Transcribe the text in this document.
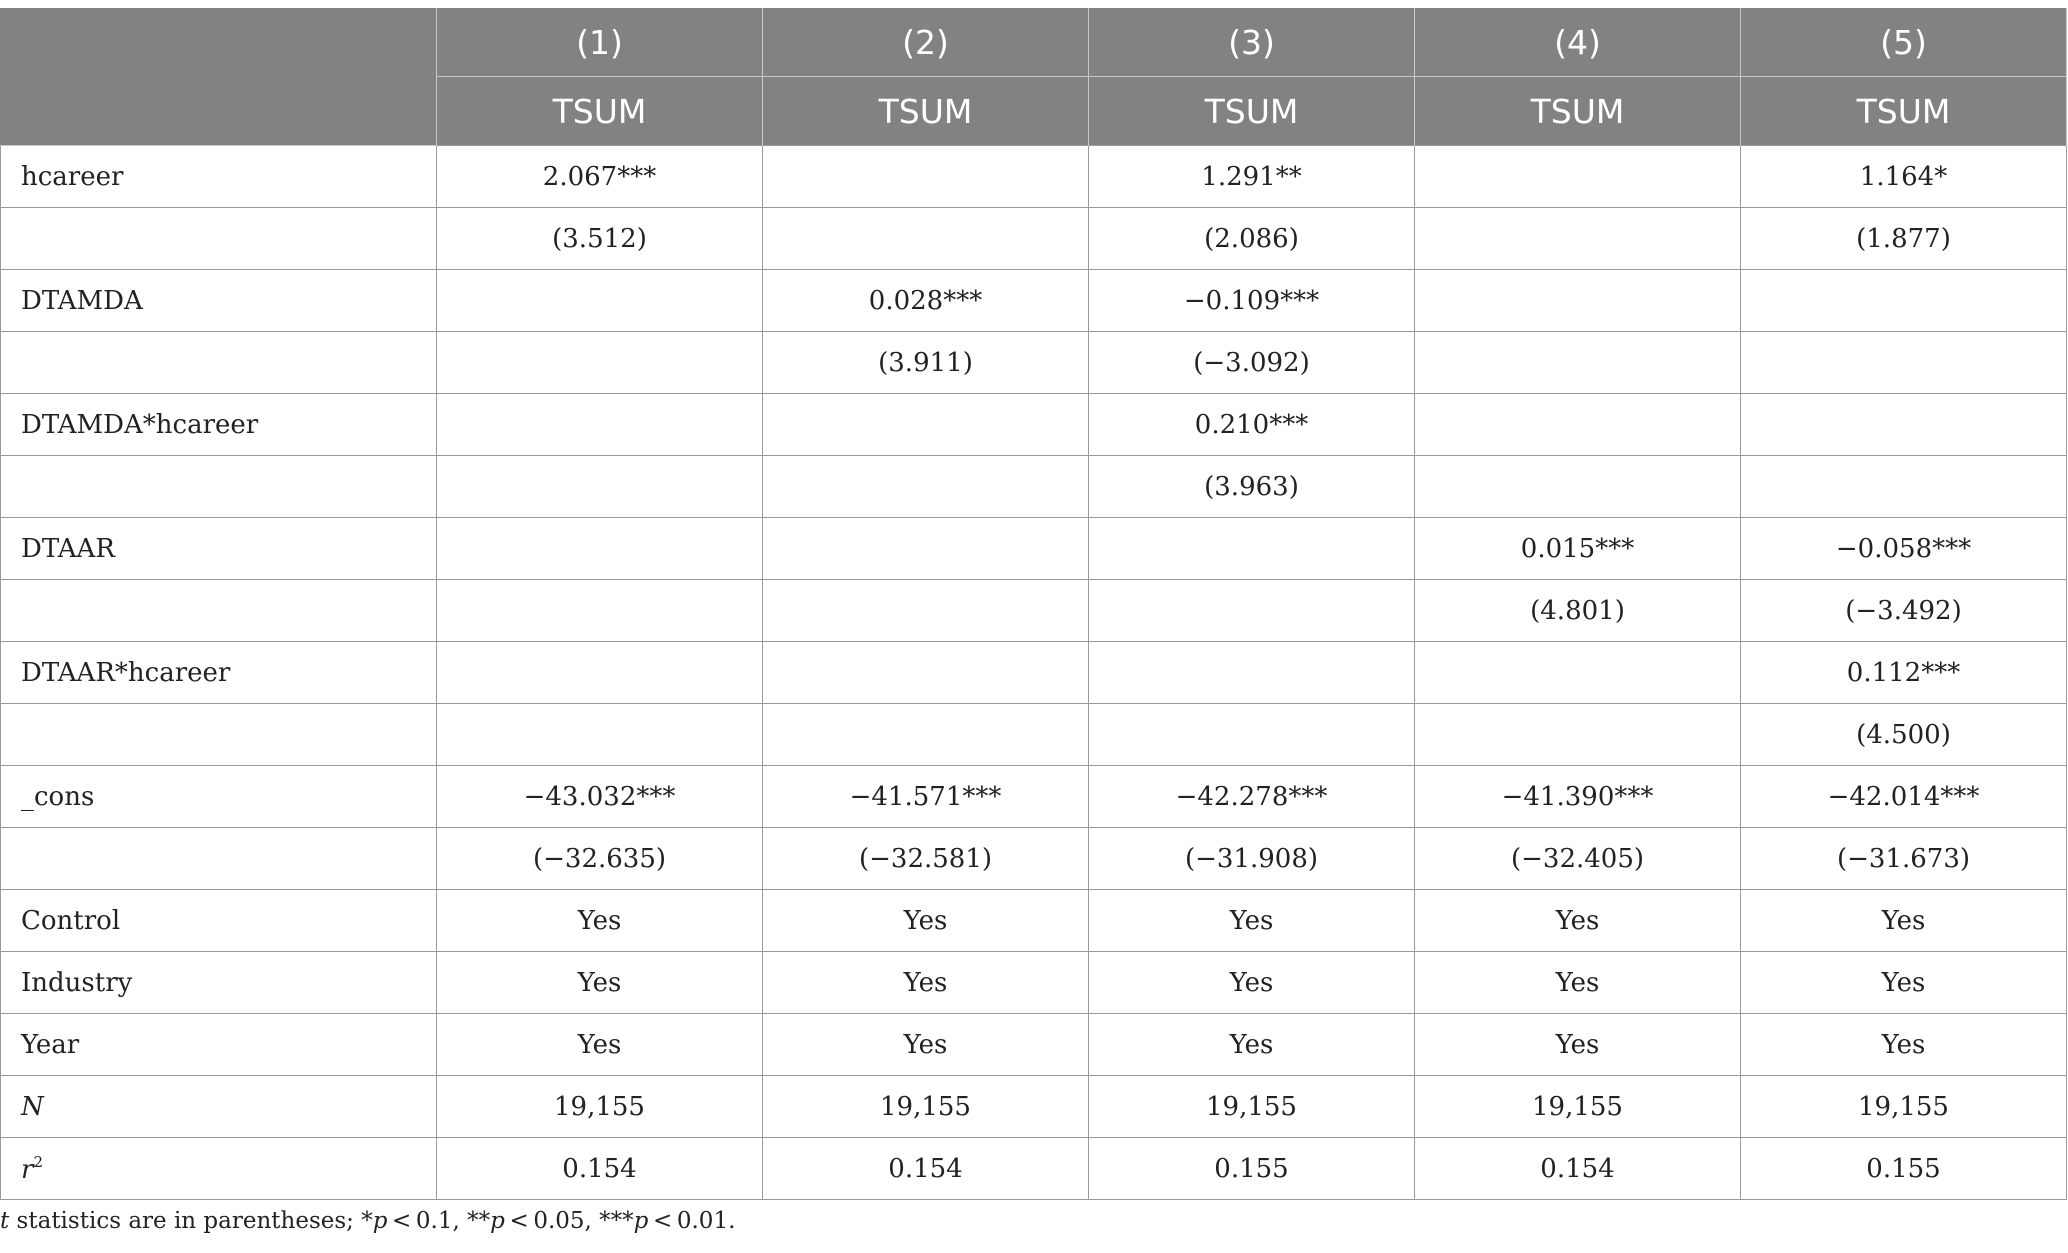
	(1)	(2)	(3)	(4)	(5)
	TSUM	TSUM	TSUM	TSUM	TSUM
hcareer	2.067***		1.291**		1.164*
	(3.512)		(2.086)		(1.877)
DTAMDA		0.028***	−0.109***		
		(3.911)	(−3.092)		
DTAMDA*hcareer			0.210***		
			(3.963)		
DTAAR				0.015***	−0.058***
				(4.801)	(−3.492)
DTAAR*hcareer					0.112***
					(4.500)
_cons	−43.032***	−41.571***	−42.278***	−41.390***	−42.014***
	(−32.635)	(−32.581)	(−31.908)	(−32.405)	(−31.673)
Control	Yes	Yes	Yes	Yes	Yes
Industry	Yes	Yes	Yes	Yes	Yes
Year	Yes	Yes	Yes	Yes	Yes
N	19,155	19,155	19,155	19,155	19,155
$r^2$	0.154	0.154	0.155	0.154	0.155
t statistics are in parentheses; *p < 0.1, **p < 0.05, ***p < 0.01.
